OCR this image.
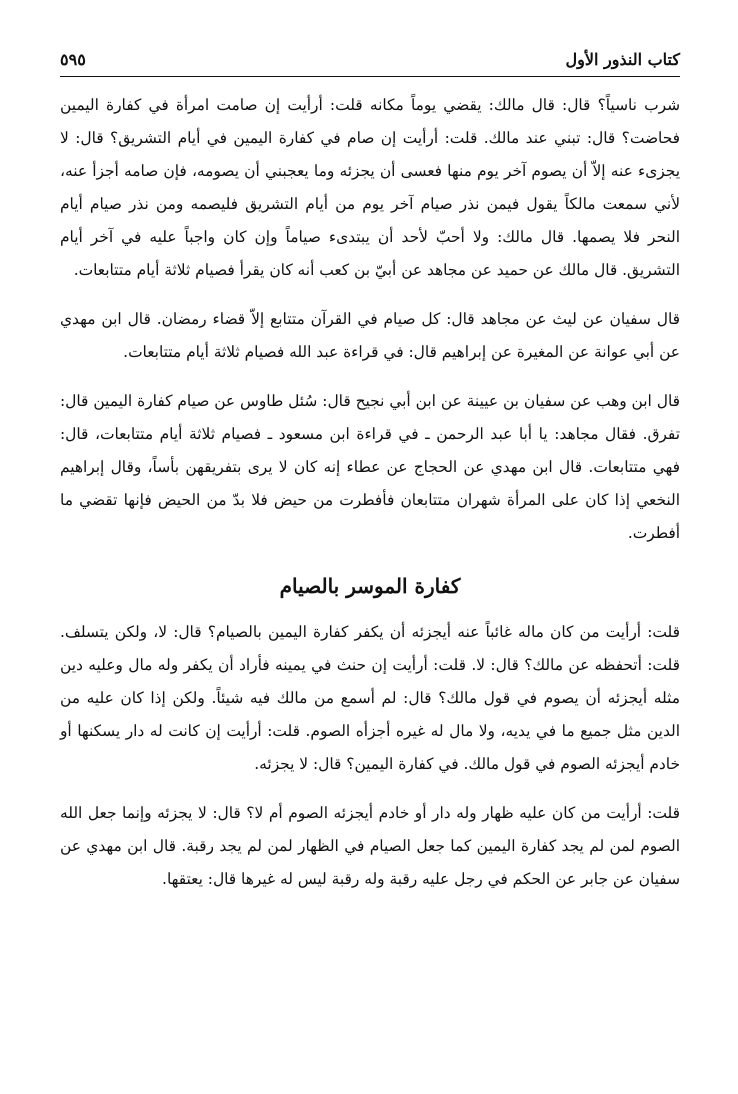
كتاب النذور الأول
٥٩٥

شرب ناسياً؟ قال: قال مالك: يقضي يوماً مكانه قلت: أرأيت إن صامت امرأة في كفارة اليمين فحاضت؟ قال: تبني عند مالك. قلت: أرأيت إن صام في كفارة اليمين في أيام التشريق؟ قال: لا يجزىء عنه إلاّ أن يصوم آخر يوم منها فعسى أن يجزئه وما يعجبني أن يصومه، فإن صامه أجزأ عنه، لأني سمعت مالكاً يقول فيمن نذر صيام آخر يوم من أيام التشريق فليصمه ومن نذر صيام أيام النحر فلا يصمها. قال مالك: ولا أحبّ لأحد أن يبتدىء صياماً وإن كان واجباً عليه في آخر أيام التشريق. قال مالك عن حميد عن مجاهد عن أبيّ بن كعب أنه كان يقرأ فصيام ثلاثة أيام متتابعات.

قال سفيان عن ليث عن مجاهد قال: كل صيام في القرآن متتابع إلاّ قضاء رمضان. قال ابن مهدي عن أبي عوانة عن المغيرة عن إبراهيم قال: في قراءة عبد الله فصيام ثلاثة أيام متتابعات.

قال ابن وهب عن سفيان بن عيينة عن ابن أبي نجيح قال: سُئل طاوس عن صيام كفارة اليمين قال: تفرق. فقال مجاهد: يا أبا عبد الرحمن ـ في قراءة ابن مسعود ـ فصيام ثلاثة أيام متتابعات، قال: فهي متتابعات. قال ابن مهدي عن الحجاج عن عطاء إنه كان لا يرى بتفريقهن بأساً، وقال إبراهيم النخعي إذا كان على المرأة شهران متتابعان فأفطرت من حيض فلا بدّ من الحيض فإنها تقضي ما أفطرت.

كفارة الموسر بالصيام

قلت: أرأيت من كان ماله غائباً عنه أيجزئه أن يكفر كفارة اليمين بالصيام؟ قال: لا، ولكن يتسلف. قلت: أتحفظه عن مالك؟ قال: لا. قلت: أرأيت إن حنث في يمينه فأراد أن يكفر وله مال وعليه دين مثله أيجزئه أن يصوم في قول مالك؟ قال: لم أسمع من مالك فيه شيئاً. ولكن إذا كان عليه من الدين مثل جميع ما في يديه، ولا مال له غيره أجزأه الصوم. قلت: أرأيت إن كانت له دار يسكنها أو خادم أيجزئه الصوم في قول مالك. في كفارة اليمين؟ قال: لا يجزئه.

قلت: أرأيت من كان عليه ظهار وله دار أو خادم أيجزئه الصوم أم لا؟ قال: لا يجزئه وإنما جعل الله الصوم لمن لم يجد كفارة اليمين كما جعل الصيام في الظهار لمن لم يجد رقبة. قال ابن مهدي عن سفيان عن جابر عن الحكم في رجل عليه رقبة وله رقبة ليس له غيرها قال: يعتقها.
